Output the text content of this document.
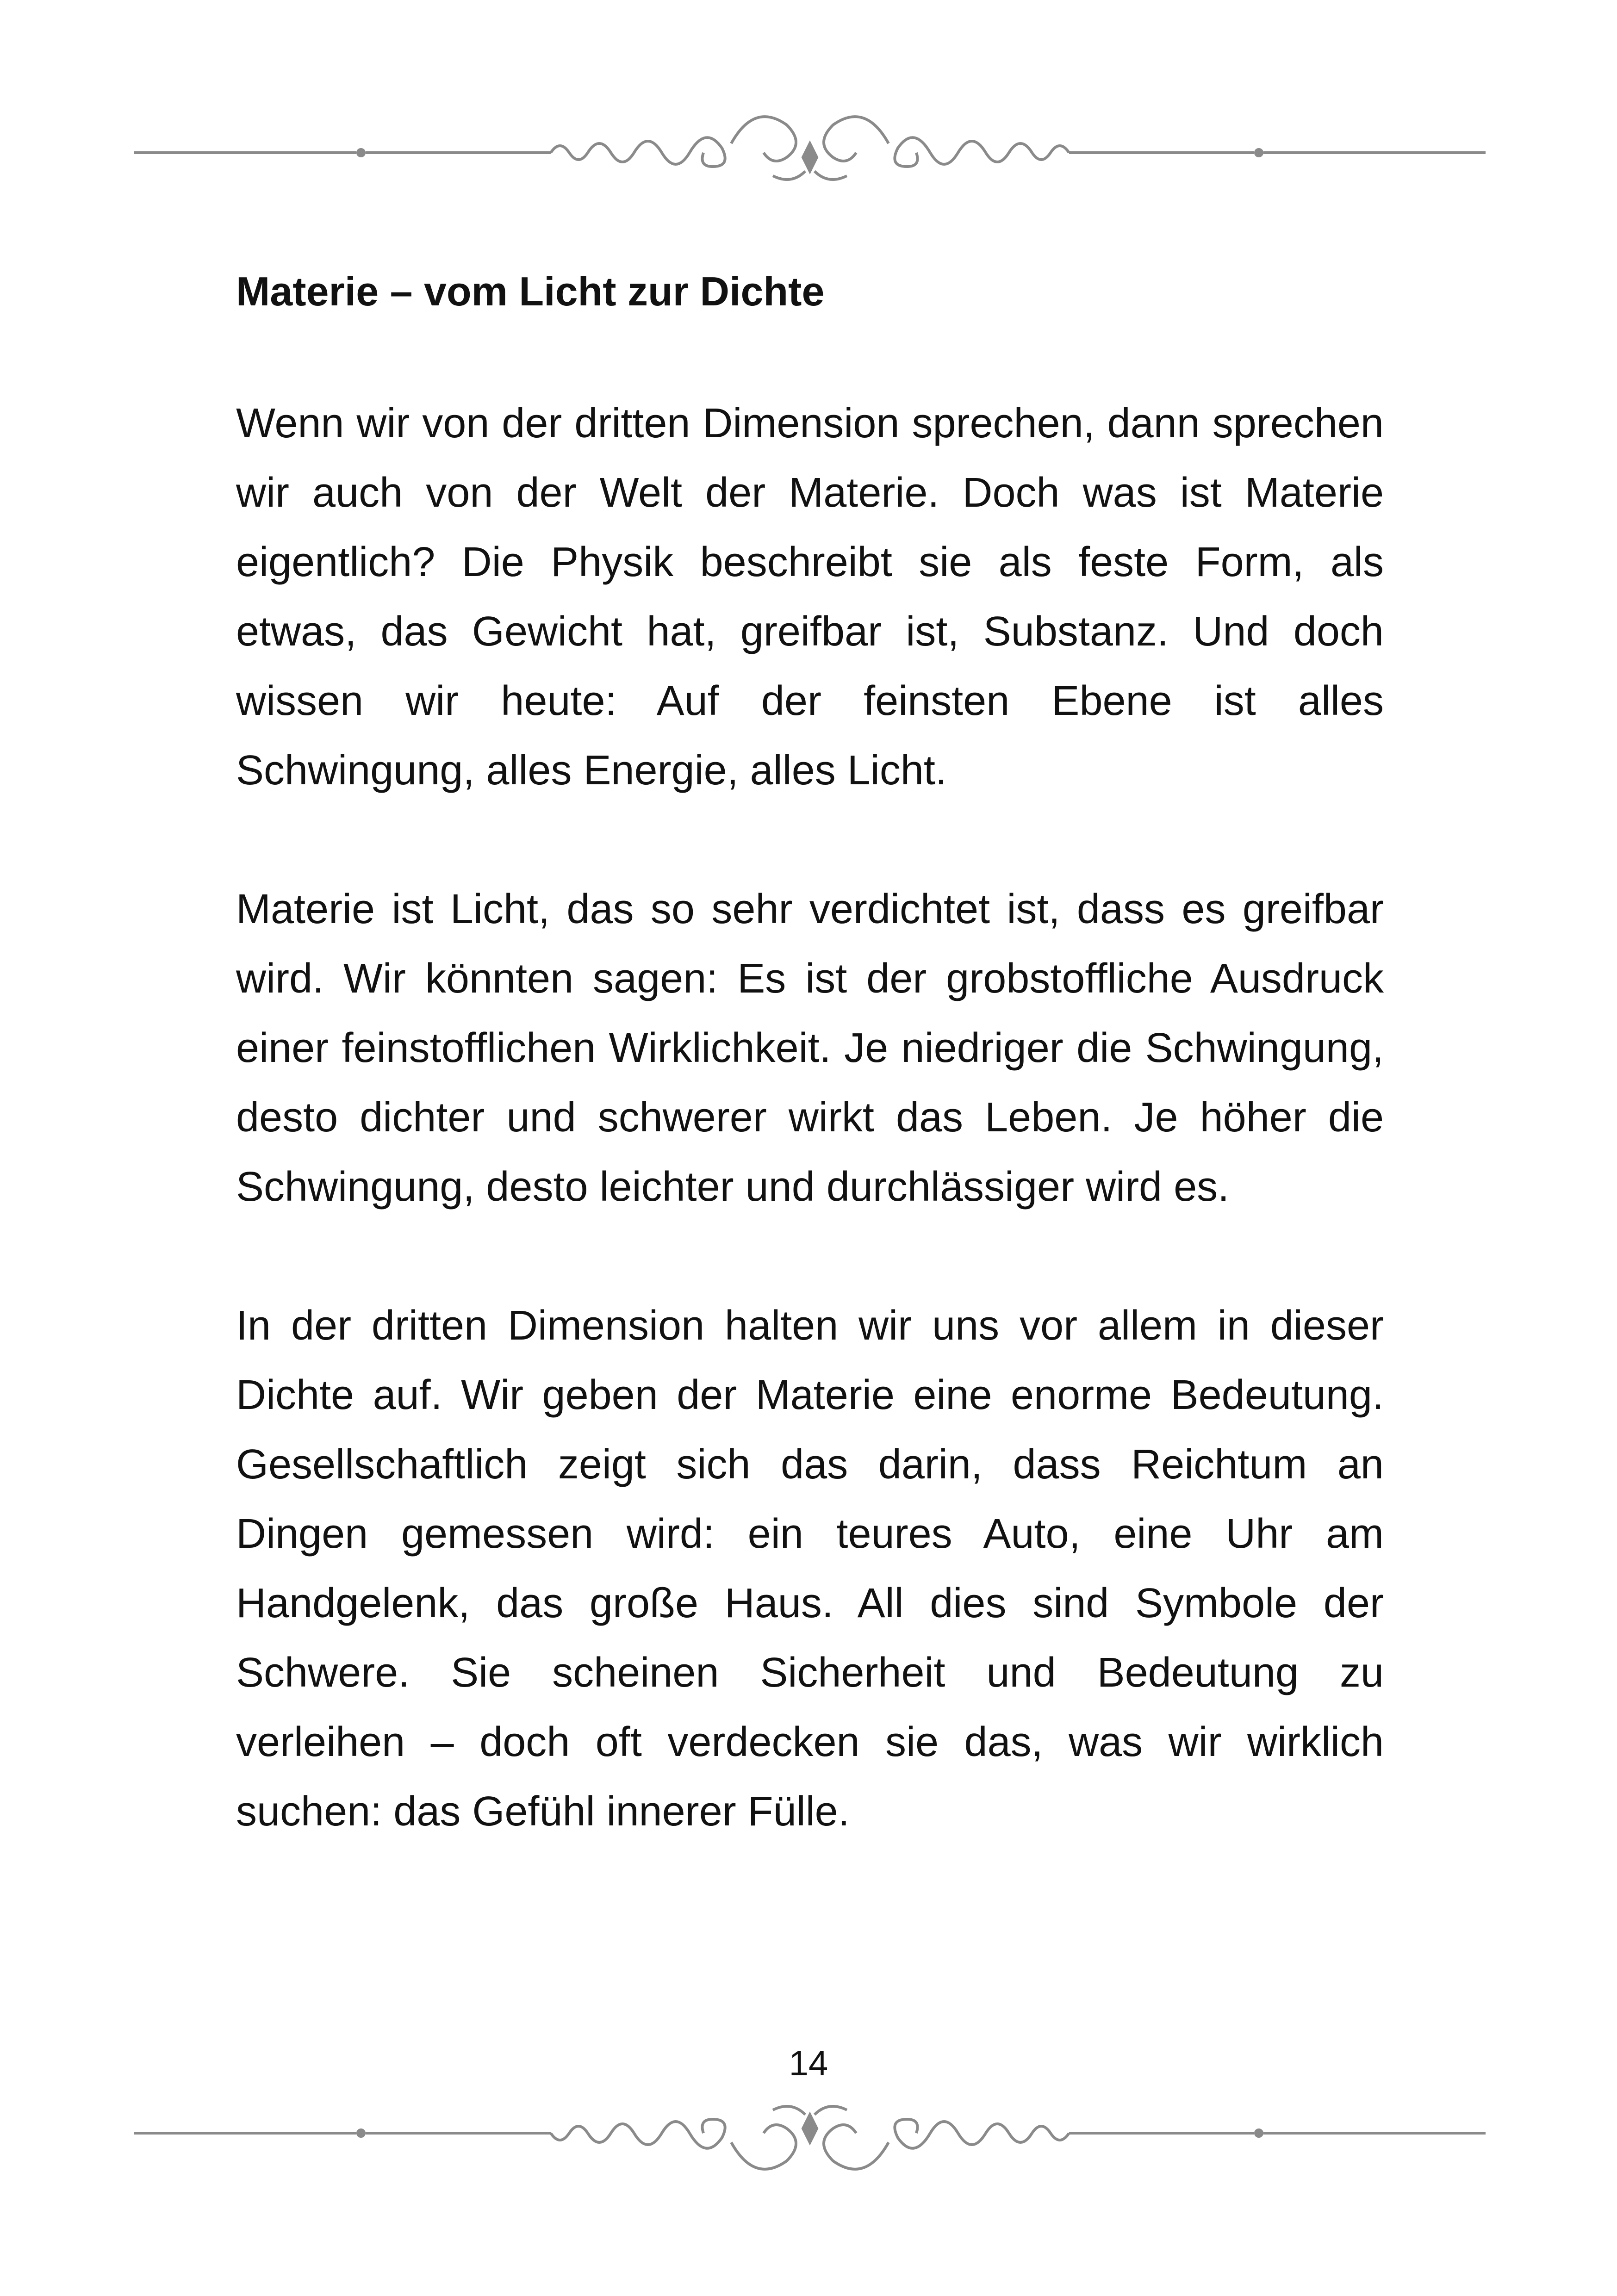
Materie – vom Licht zur Dichte

Wenn wir von der dritten Dimension sprechen, dann sprechen wir auch von der Welt der Materie. Doch was ist Materie eigentlich? Die Physik beschreibt sie als feste Form, als etwas, das Gewicht hat, greifbar ist, Substanz. Und doch wissen wir heute: Auf der feinsten Ebene ist alles Schwingung, alles Energie, alles Licht.

Materie ist Licht, das so sehr verdichtet ist, dass es greifbar wird. Wir könnten sagen: Es ist der grobstoffliche Ausdruck einer feinstofflichen Wirklichkeit. Je niedriger die Schwingung, desto dichter und schwerer wirkt das Leben. Je höher die Schwingung, desto leichter und durchlässiger wird es.

In der dritten Dimension halten wir uns vor allem in dieser Dichte auf. Wir geben der Materie eine enorme Bedeutung. Gesellschaftlich zeigt sich das darin, dass Reichtum an Dingen gemessen wird: ein teures Auto, eine Uhr am Handgelenk, das große Haus. All dies sind Symbole der Schwere. Sie scheinen Sicherheit und Bedeutung zu verleihen – doch oft verdecken sie das, was wir wirklich suchen: das Gefühl innerer Fülle.

14
